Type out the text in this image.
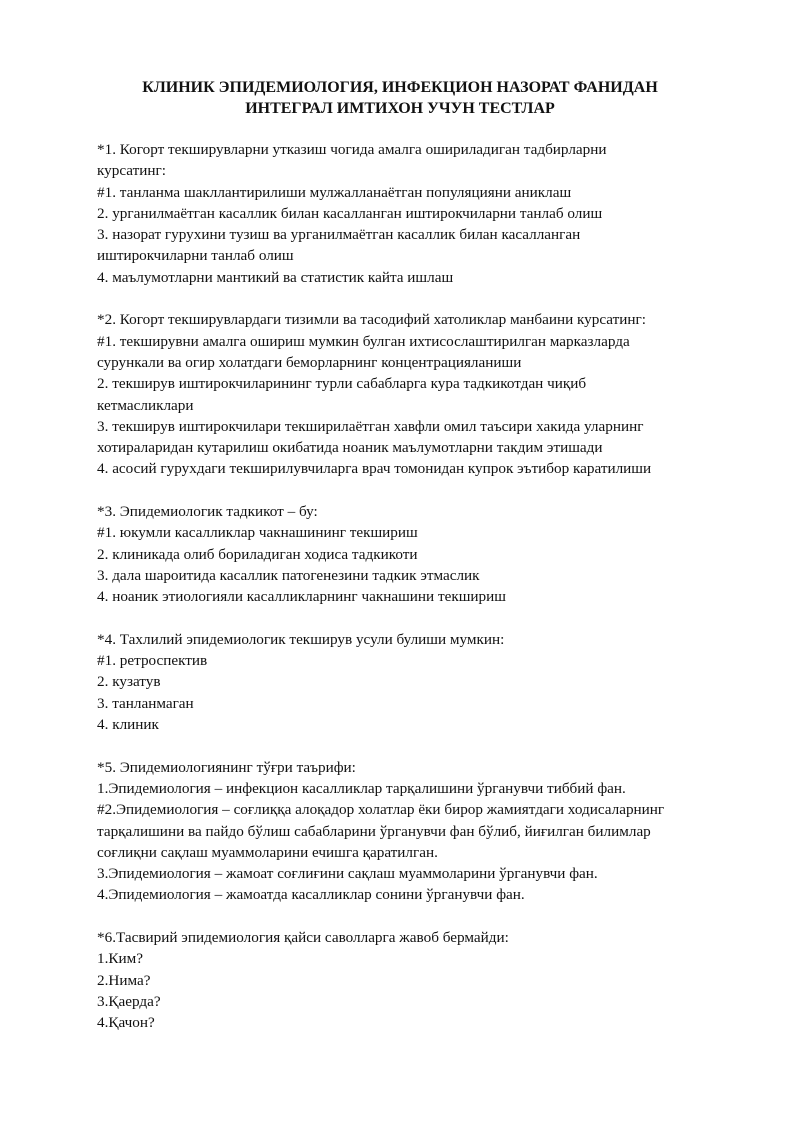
КЛИНИК ЭПИДЕМИОЛОГИЯ, ИНФЕКЦИОН НАЗОРАТ ФАНИДАН
ИНТЕГРАЛ ИМТИХОН УЧУН ТЕСТЛАР
*1. Когорт текширувларни утказиш чогида амалга ошириладиган тадбирларни
курсатинг:
#1. танланма шакллантирилиши мулжалланаётган популяцияни аниклаш
2. урганилмаётган касаллик билан касалланган иштирокчиларни танлаб олиш
3. назорат гурухини тузиш ва урганилмаётган касаллик билан касалланган
иштирокчиларни танлаб олиш
4. маълумотларни мантикий ва статистик кайта ишлаш
*2. Когорт текширувлардаги тизимли ва тасодифий хатоликлар манбаини курсатинг:
#1. текширувни амалга ошириш мумкин булган ихтисослаштирилган марказларда
сурункали ва огир холатдаги беморларнинг концентрацияланиши
2. текширув иштирокчиларининг турли сабабларга кура тадкикотдан чиқиб
кетмасликлари
3. текширув иштирокчилари текширилаётган хавфли омил таъсири хакида уларнинг
хотираларидан кутарилиш окибатида ноаник маълумотларни такдим этишади
4. асосий гурухдаги текширилувчиларга врач томонидан купрок эътибор каратилиши
*3. Эпидемиологик тадкикот – бу:
#1. юкумли касалликлар чакнашининг текшириш
2. клиникада олиб бориладиган ходиса тадкикоти
3. дала шароитида касаллик патогенезини тадкик этмаслик
4. ноаник этиологияли касалликларнинг чакнашини текшириш
*4. Тахлилий эпидемиологик текширув усули булиши мумкин:
#1. ретроспектив
2. кузатув
3. танланмаган
4. клиник
*5. Эпидемиологиянинг тўғри таърифи:
1.Эпидемиология – инфекцион касалликлар тарқалишини ўрганувчи тиббий фан.
#2.Эпидемиология – соғлиққа алоқадор холатлар ёки бирор жамиятдаги ходисаларнинг
тарқалишини ва пайдо бўлиш сабабларини ўрганувчи фан бўлиб, йиғилган билимлар
соғлиқни сақлаш муаммоларини ечишга қаратилган.
3.Эпидемиология – жамоат соғлиғини сақлаш муаммоларини ўрганувчи фан.
4.Эпидемиология – жамоатда касалликлар сонини ўрганувчи фан.
*6.Тасвирий эпидемиология қайси саволларга жавоб бермайди:
1.Ким?
2.Нима?
3.Қаерда?
4.Қачон?
